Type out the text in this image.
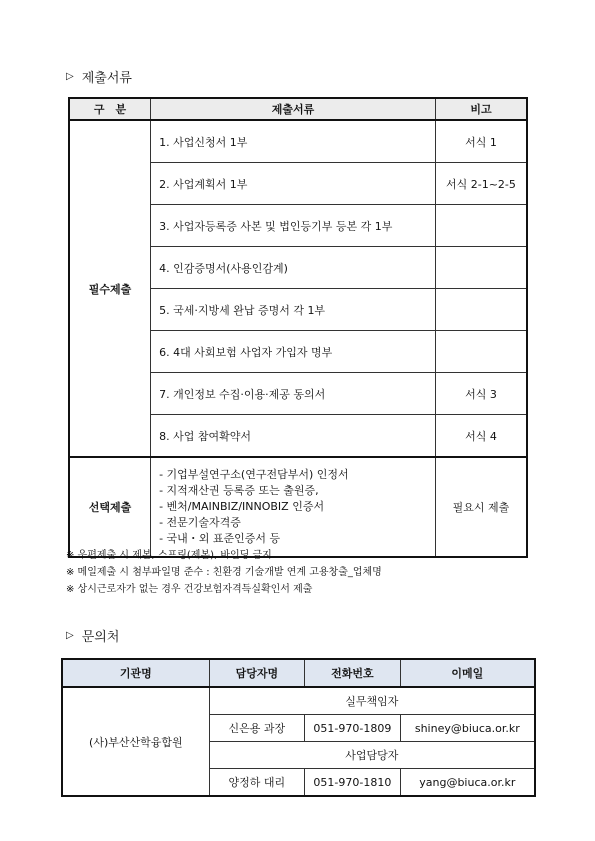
▷ 제출서류
구　분	제출서류	비고
필수제출	1. 사업신청서 1부	서식 1
	2. 사업계획서 1부	서식 2-1~2-5
	3. 사업자등록증 사본 및 법인등기부 등본 각 1부	
	4. 인감증명서(사용인감계)	
	5. 국세·지방세 완납 증명서 각 1부	
	6. 4대 사회보험 사업자 가입자 명부	
	7. 개인정보 수집·이용·제공 동의서	서식 3
	8. 사업 참여확약서	서식 4
선택제출	- 기업부설연구소(연구전담부서) 인정서
- 지적재산권 등록증 또는 출원증,
- 벤처/MAINBIZ/INNOBIZ 인증서
- 전문기술자격증
- 국내・외 표준인증서 등	필요시 제출
※ 우편제출 시 제본, 스프링(제본), 바인딩 금지
※ 메일제출 시 첨부파일명 준수 : 친환경 기술개발 연계 고용창출_업체명
※ 상시근로자가 없는 경우 건강보험자격득실확인서 제출
▷ 문의처
기관명	담당자명	전화번호	이메일
(사)부산산학융합원	실무책임자		
	신은용 과장	051-970-1809	shiney@biuca.or.kr
	사업담당자		
	양정하 대리	051-970-1810	yang@biuca.or.kr
